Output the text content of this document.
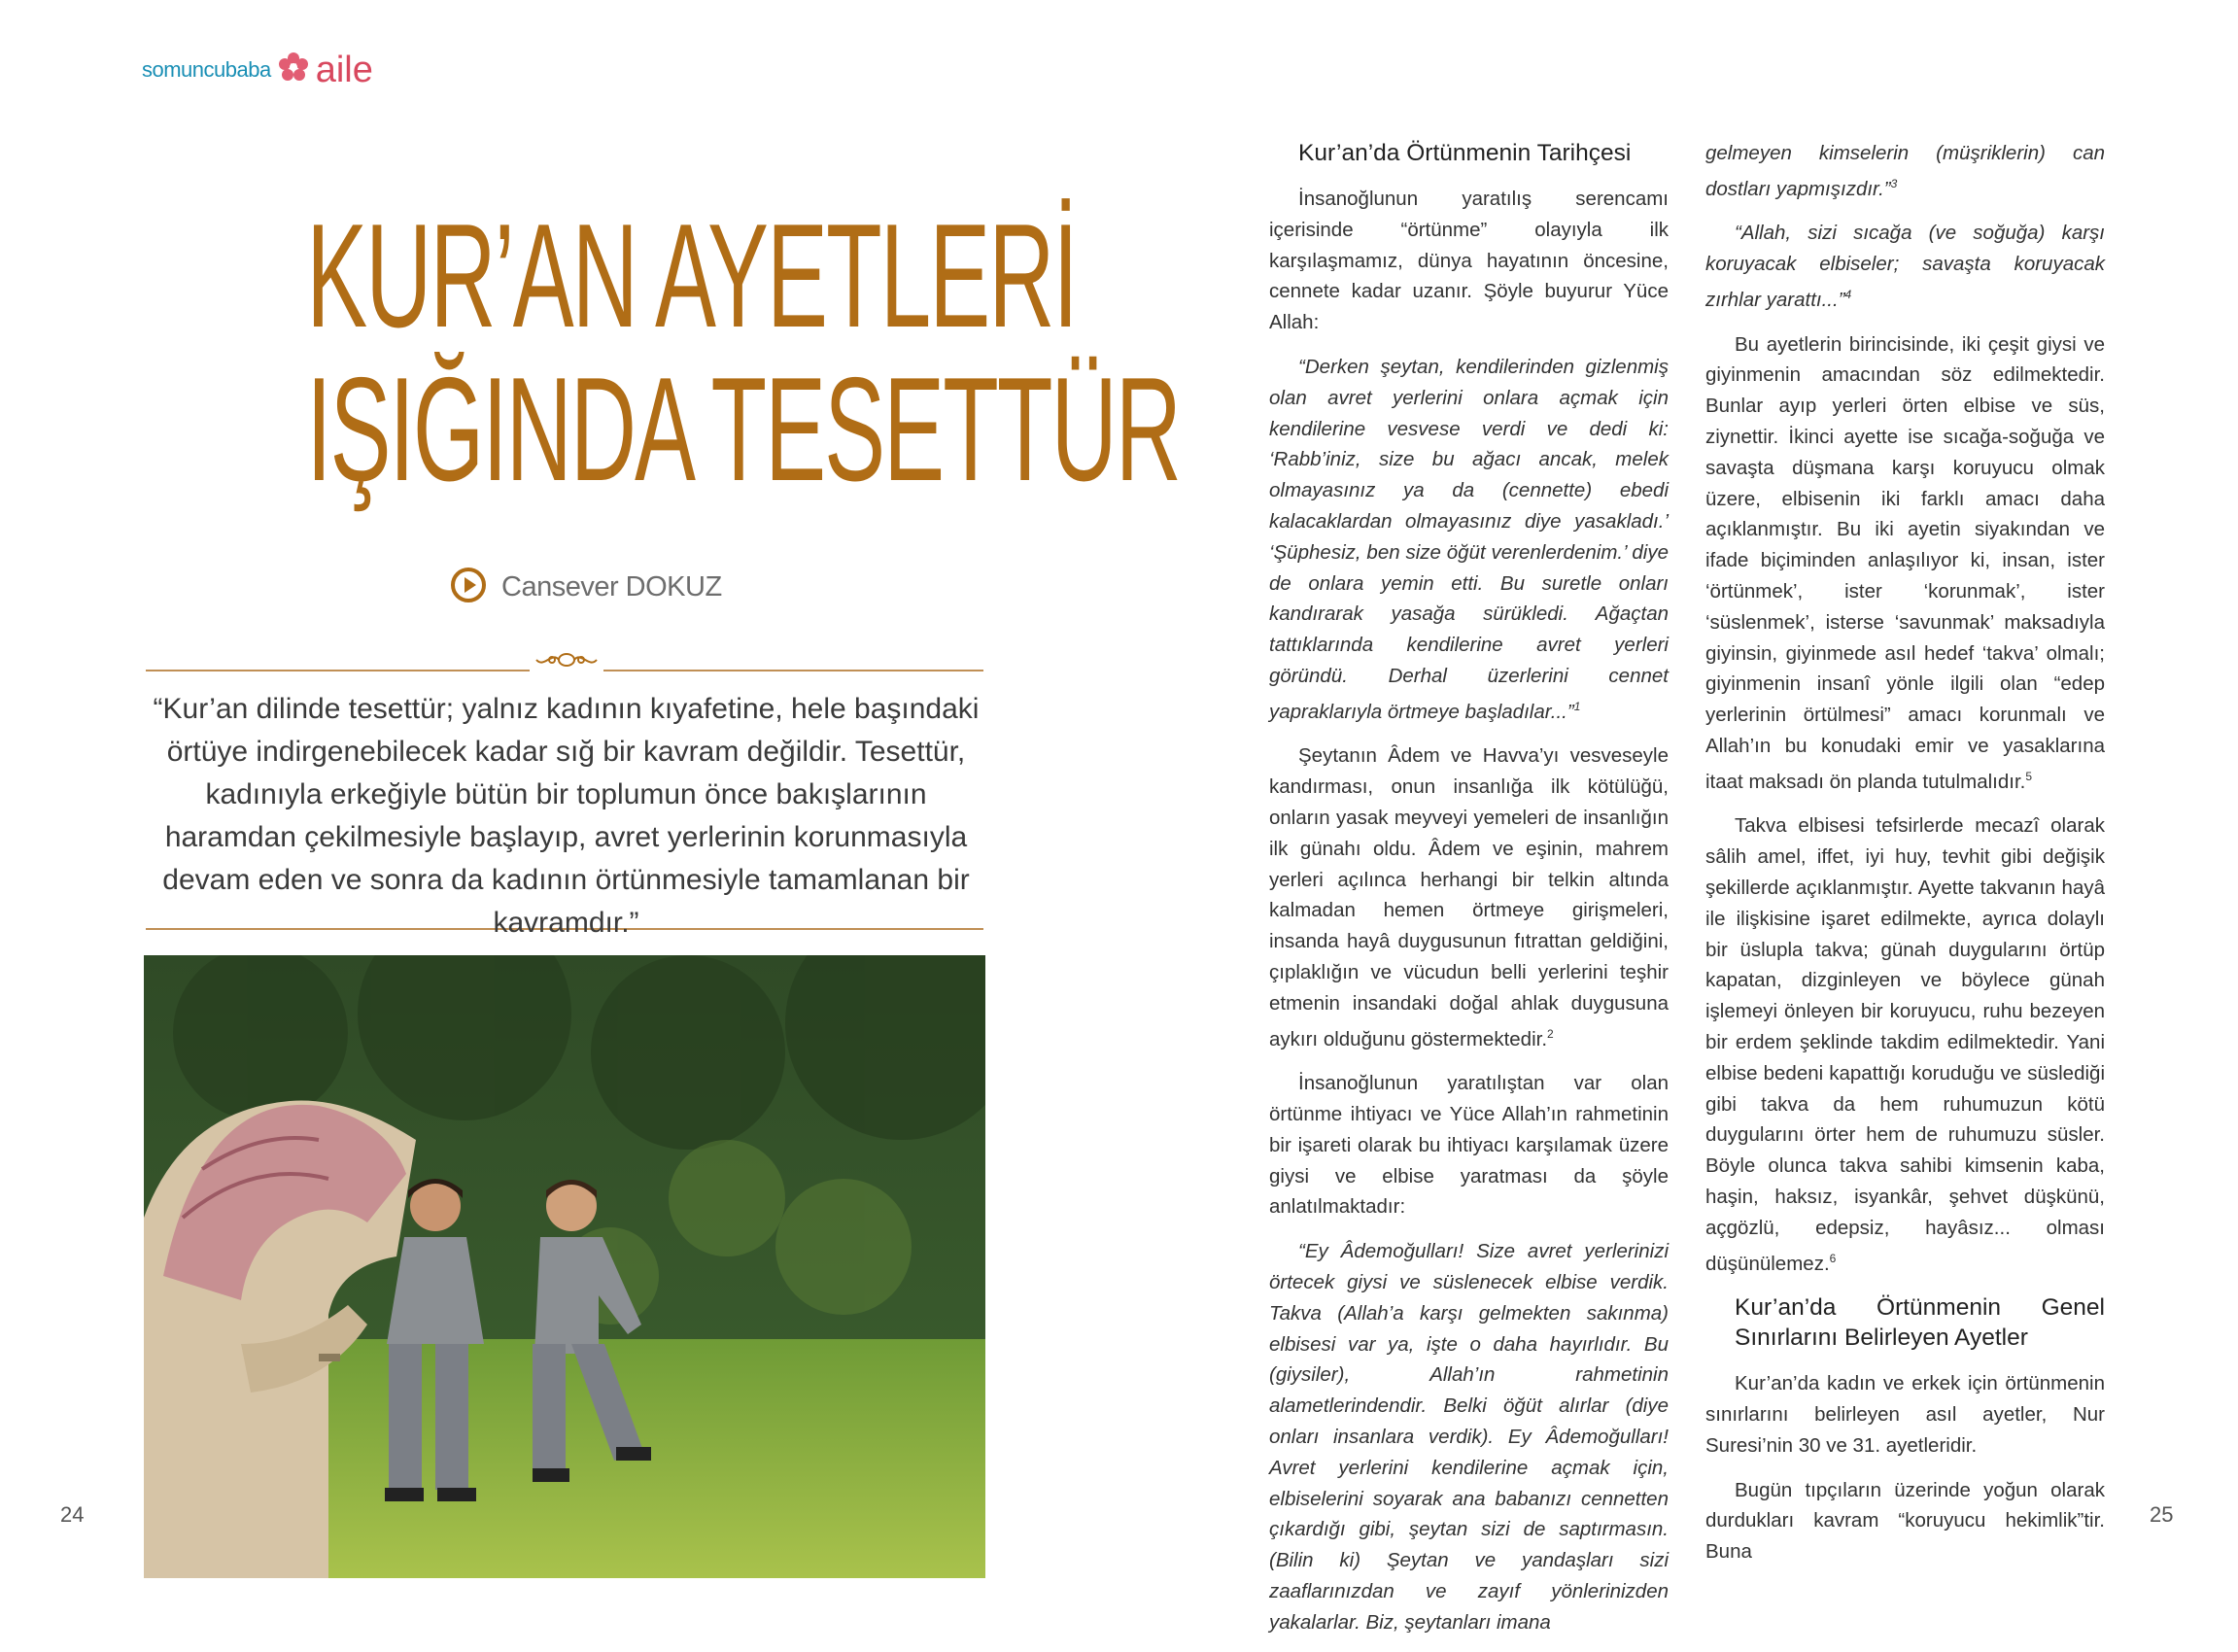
somuncubaba aile
KUR’AN AYETLERİ
IŞIĞINDA TESETTÜR
Cansever DOKUZ
“Kur’an dilinde tesettür; yalnız kadının kıyafetine, hele başındaki örtüye indirgenebilecek kadar sığ bir kavram değildir. Tesettür, kadınıyla erkeğiyle bütün bir toplumun önce bakışlarının haramdan çekilmesiyle başlayıp, avret yerlerinin korunmasıyla devam eden ve sonra da kadının örtünmesiyle tamamlanan bir kavramdır.”
24	25
Kur’an’da Örtünmenin Tarihçesi

İnsanoğlunun yaratılış serencamı içerisinde “örtünme” olayıyla ilk karşılaşmamız, dünya hayatının öncesine, cennete kadar uzanır. Şöyle buyurur Yüce Allah:

“Derken şeytan, kendilerinden gizlenmiş olan avret yerlerini onlara açmak için kendilerine vesvese verdi ve dedi ki: ‘Rabb’iniz, size bu ağacı ancak, melek olmayasınız ya da (cennette) ebedi kalacaklardan olmayasınız diye yasakladı.’ ‘Şüphesiz, ben size öğüt verenlerdenim.’ diye de onlara yemin etti. Bu suretle onları kandırarak yasağa sürükledi. Ağaçtan tattıklarında kendilerine avret yerleri göründü. Derhal üzerlerini cennet yapraklarıyla örtmeye başladılar...”$^1$

Şeytanın Âdem ve Havva’yı vesveseyle kandırması, onun insanlığa ilk kötülüğü, onların yasak meyveyi yemeleri de insanlığın ilk günahı oldu. Âdem ve eşinin, mahrem yerleri açılınca herhangi bir telkin altında kalmadan hemen örtmeye girişmeleri, insanda hayâ duygusunun fıtrattan geldiğini, çıplaklığın ve vücudun belli yerlerini teşhir etmenin insandaki doğal ahlak duygusuna aykırı olduğunu göstermektedir.$^2$

İnsanoğlunun yaratılıştan var olan örtünme ihtiyacı ve Yüce Allah’ın rahmetinin bir işareti olarak bu ihtiyacı karşılamak üzere giysi ve elbise yaratması da şöyle anlatılmaktadır:

“Ey Âdemoğulları! Size avret yerlerinizi örtecek giysi ve süslenecek elbise verdik. Takva (Allah’a karşı gelmekten sakınma) elbisesi var ya, işte o daha hayırlıdır. Bu (giysiler), Allah’ın rahmetinin alametlerindendir. Belki öğüt alırlar (diye onları insanlara verdik). Ey Âdemoğulları! Avret yerlerini kendilerine açmak için, elbiselerini soyarak ana babanızı cennetten çıkardığı gibi, şeytan sizi de saptırmasın. (Bilin ki) Şeytan ve yandaşları sizi zaaflarınızdan ve zayıf yönlerinizden yakalarlar. Biz, şeytanları imana

gelmeyen kimselerin (müşriklerin) can dostları yapmışızdır.”$^3$

“Allah, sizi sıcağa (ve soğuğa) karşı koruyacak elbiseler; savaşta koruyacak zırhlar yarattı...”$^4$

Bu ayetlerin birincisinde, iki çeşit giysi ve giyinmenin amacından söz edilmektedir. Bunlar ayıp yerleri örten elbise ve süs, ziynettir. İkinci ayette ise sıcağa-soğuğa ve savaşta düşmana karşı koruyucu olmak üzere, elbisenin iki farklı amacı daha açıklanmıştır. Bu iki ayetin siyakından ve ifade biçiminden anlaşılıyor ki, insan, ister ‘örtünmek’, ister ‘korunmak’, ister ‘süslenmek’, isterse ‘savunmak’ maksadıyla giyinsin, giyinmede asıl hedef ‘takva’ olmalı; giyinmenin insanî yönle ilgili olan “edep yerlerinin örtülmesi” amacı korunmalı ve Allah’ın bu konudaki emir ve yasaklarına itaat maksadı ön planda tutulmalıdır.$^5$

Takva elbisesi tefsirlerde mecazî olarak sâlih amel, iffet, iyi huy, tevhit gibi değişik şekillerde açıklanmıştır. Ayette takvanın hayâ ile ilişkisine işaret edilmekte, ayrıca dolaylı bir üslupla takva; günah duygularını örtüp kapatan, dizginleyen ve böylece günah işlemeyi önleyen bir koruyucu, ruhu bezeyen bir erdem şeklinde takdim edilmektedir. Yani elbise bedeni kapattığı koruduğu ve süslediği gibi takva da hem ruhumuzun kötü duygularını örter hem de ruhumuzu süsler. Böyle olunca takva sahibi kimsenin kaba, haşin, haksız, isyankâr, şehvet düşkünü, açgözlü, edepsiz, hayâsız... olması düşünülemez.$^6$

Kur’an’da Örtünmenin Genel Sınırlarını Belirleyen Ayetler

Kur’an’da kadın ve erkek için örtünmenin sınırlarını belirleyen asıl ayetler, Nur Suresi’nin 30 ve 31. ayetleridir.

Bugün tıpçıların üzerinde yoğun olarak durdukları kavram “koruyucu hekimlik”tir. Buna
